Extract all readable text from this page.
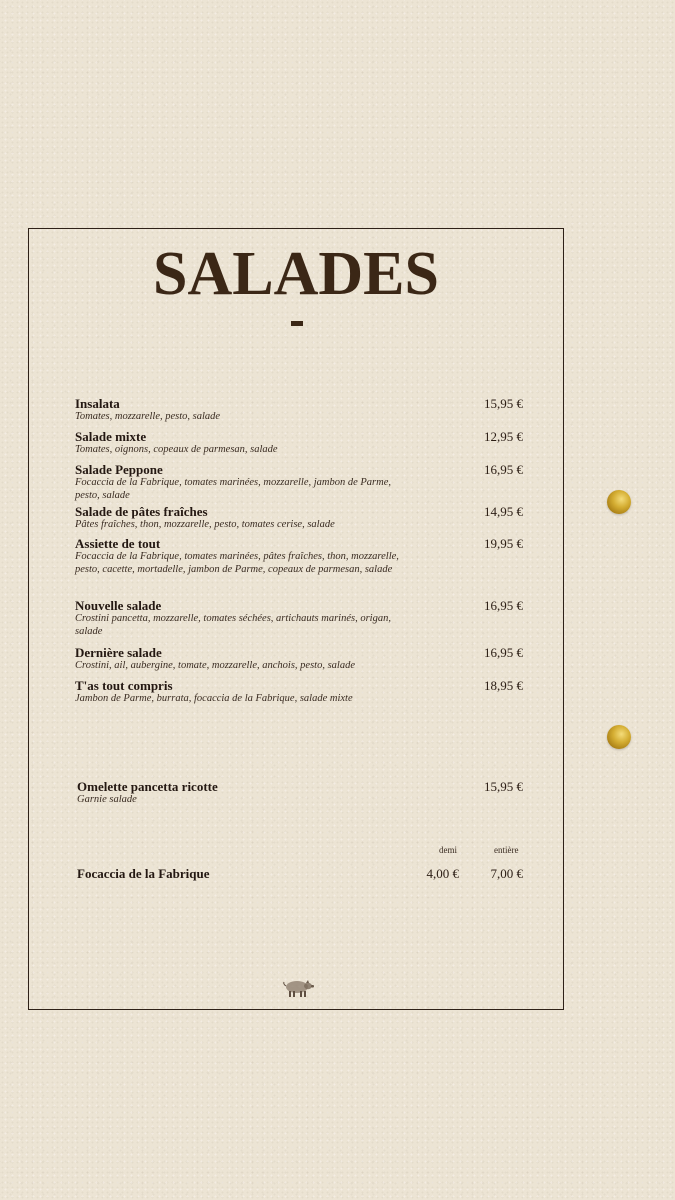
SALADES
Insalata
Tomates, mozzarelle, pesto, salade
15,95 €
Salade mixte
Tomates, oignons, copeaux de parmesan, salade
12,95 €
Salade Peppone
Focaccia de la Fabrique, tomates marinées, mozzarelle, jambon de Parme, pesto, salade
16,95 €
Salade de pâtes fraîches
Pâtes fraîches, thon, mozzarelle, pesto, tomates cerise, salade
14,95 €
Assiette de tout
Focaccia de la Fabrique, tomates marinées, pâtes fraîches, thon, mozzarelle, pesto, cacette, mortadelle, jambon de Parme, copeaux de parmesan, salade
19,95 €
Nouvelle salade
Crostini pancetta, mozzarelle, tomates séchées, artichauts marinés, origan, salade
16,95 €
Dernière salade
Crostini, ail, aubergine, tomate, mozzarelle, anchois, pesto, salade
16,95 €
T'as tout compris
Jambon de Parme, burrata, focaccia de la Fabrique, salade mixte
18,95 €
Omelette pancetta ricotte
Garnie salade
15,95 €
demi	entière
Focaccia de la Fabrique	4,00 € 7,00 €
